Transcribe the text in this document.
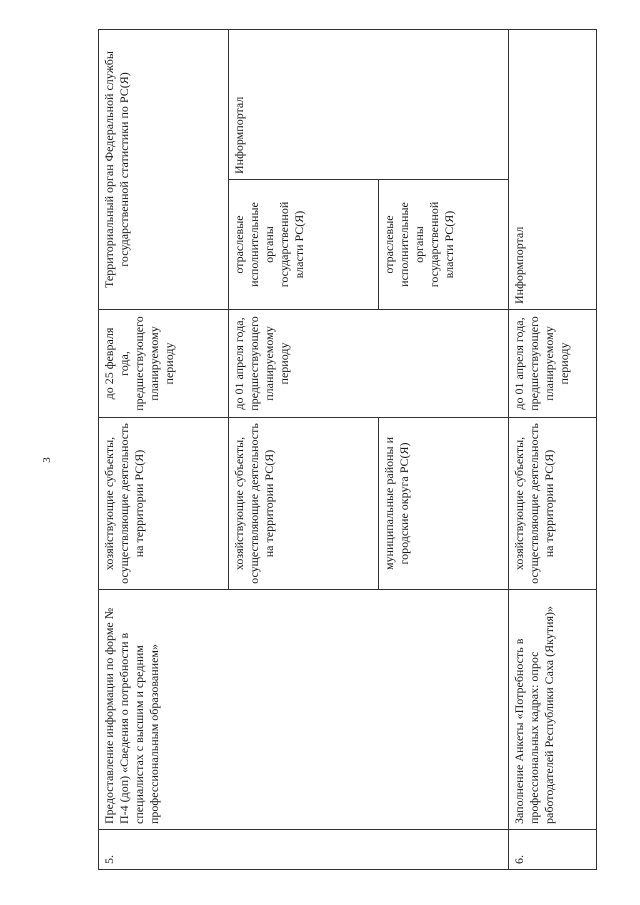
3
5.	Предоставление информации по форме № П-4 (доп) «Сведения о потребности в специалистах с высшим и средним профессиональным образованием»	хозяйствующие субъекты, осуществляющие деятельность на территории РС(Я)	до 25 февраля года, предшествующего планируемому периоду	Территориальный орган Федеральной службы государственной статистики по РС(Я)	
		хозяйствующие субъекты, осуществляющие деятельность на территории РС(Я)	до 01 апреля года, предшествующего планируемому периоду	отраслевые исполнительные органы государственной власти РС(Я)	Информпортал
		муниципальные районы и городские округа РС(Я)		отраслевые исполнительные органы государственной власти РС(Я)	
6.	Заполнение Анкеты «Потребность в профессиональных кадрах: опрос работодателей Республики Саха (Якутия)»	хозяйствующие субъекты, осуществляющие деятельность на территории РС(Я)	до 01 апреля года, предшествующего планируемому периоду	Информпортал	
